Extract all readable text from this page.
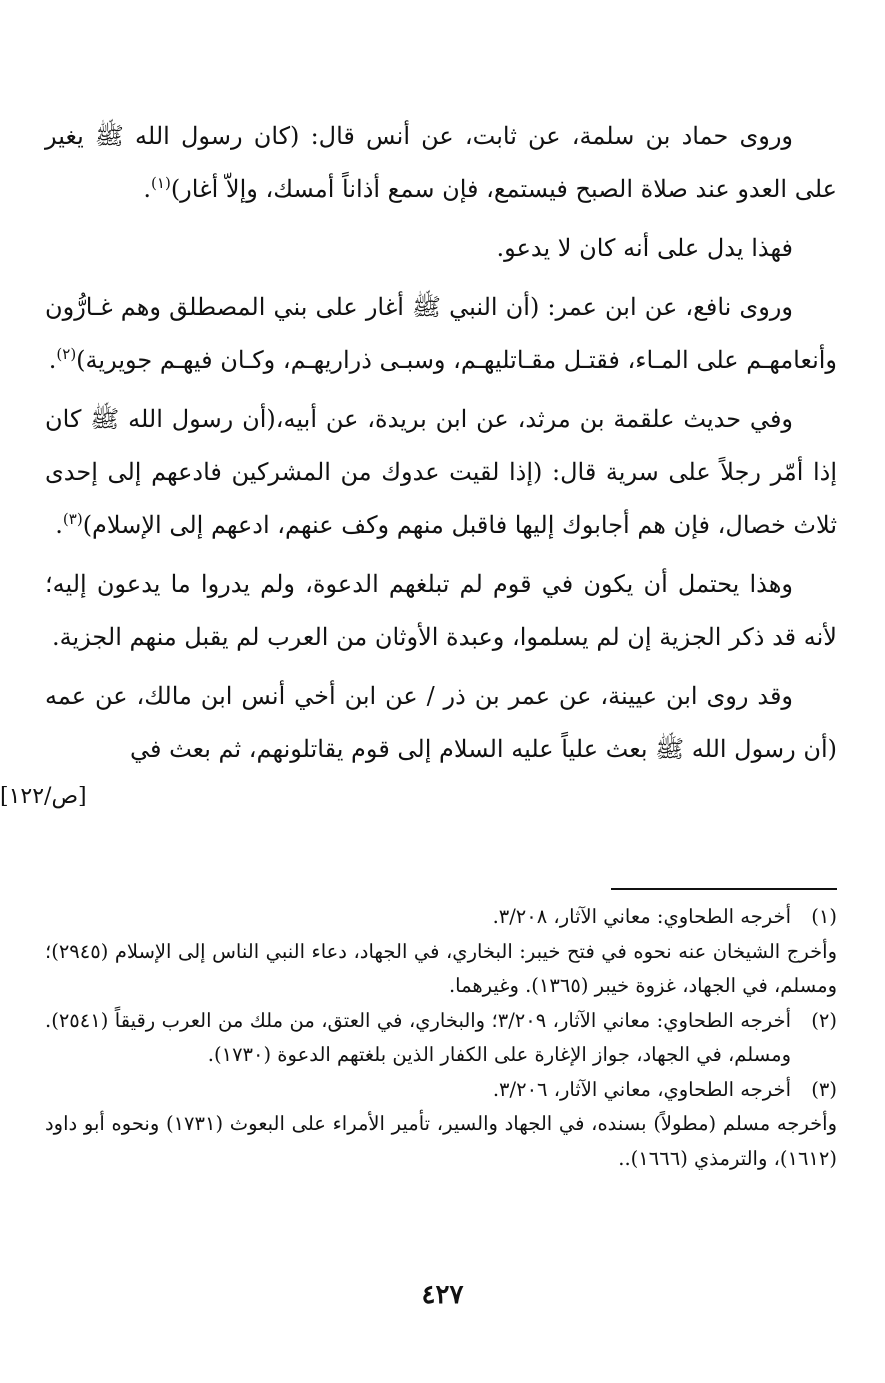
وروى حماد بن سلمة، عن ثابت، عن أنس قال: (كان رسول الله ﷺ يغير على العدو عند صلاة الصبح فيستمع، فإن سمع أذاناً أمسك، وإلاّ أغار)$^{(١)}$.

فهذا يدل على أنه كان لا يدعو.

وروى نافع، عن ابن عمر: (أن النبي ﷺ أغار على بني المصطلق وهم غـارُّون وأنعامهـم على المـاء، فقتـل مقـاتليهـم، وسبـى ذراريهـم، وكـان فيهـم جويرية)$^{(٢)}$.

وفي حديث علقمة بن مرثد، عن ابن بريدة، عن أبيه،(أن رسول الله ﷺ كان إذا أمّر رجلاً على سرية قال: (إذا لقيت عدوك من المشركين فادعهم إلى إحدى ثلاث خصال، فإن هم أجابوك إليها فاقبل منهم وكف عنهم، ادعهم إلى الإسلام)$^{(٣)}$.

وهذا يحتمل أن يكون في قوم لم تبلغهم الدعوة، ولم يدروا ما يدعون إليه؛ لأنه قد ذكر الجزية إن لم يسلموا، وعبدة الأوثان من العرب لم يقبل منهم الجزية.

وقد روى ابن عيينة، عن عمر بن ذر / عن ابن أخي أنس ابن مالك، عن عمه (أن رسول الله ﷺ بعث علياً عليه السلام إلى قوم يقاتلونهم، ثم بعث في

[ص/١٢٢]
(١)
أخرجه الطحاوي: معاني الآثار، ٣/٢٠٨.
وأخرج الشيخان عنه نحوه في فتح خيبر: البخاري، في الجهاد، دعاء النبي الناس إلى الإسلام (٢٩٤٥)؛ ومسلم، في الجهاد، غزوة خيبر (١٣٦٥). وغيرهما.
(٢)
أخرجه الطحاوي: معاني الآثار، ٣/٢٠٩؛ والبخاري، في العتق، من ملك من العرب رقيقاً (٢٥٤١). ومسلم، في الجهاد، جواز الإغارة على الكفار الذين بلغتهم الدعوة (١٧٣٠).
(٣)
أخرجه الطحاوي، معاني الآثار، ٣/٢٠٦.
وأخرجه مسلم (مطولاً) بسنده، في الجهاد والسير، تأمير الأمراء على البعوث (١٧٣١) ونحوه أبو داود (١٦١٢)، والترمذي (١٦٦٦)..
٤٢٧
